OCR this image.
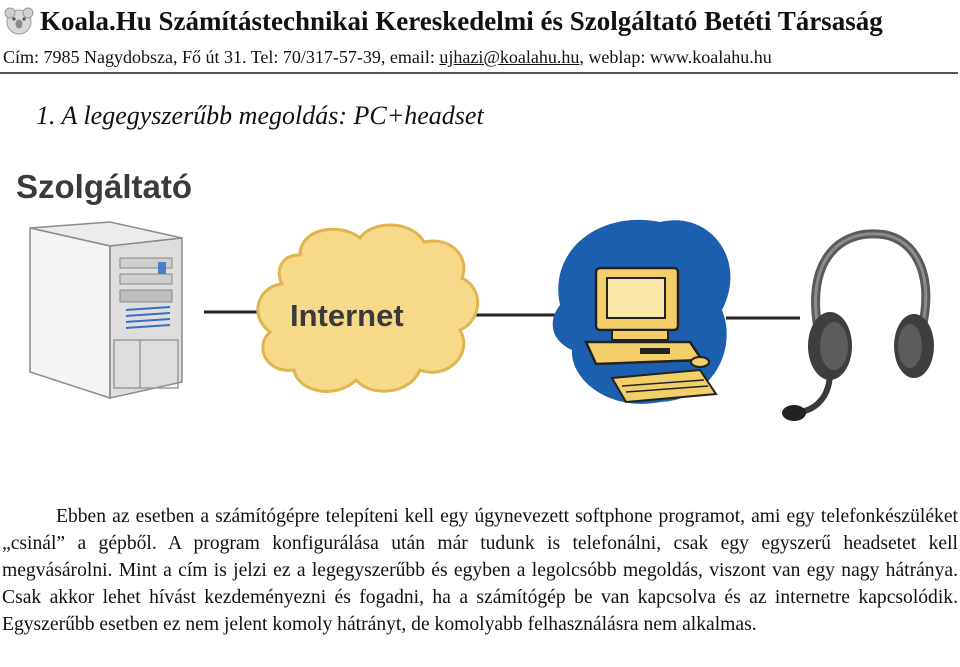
Koala.Hu Számítástechnikai Kereskedelmi és Szolgáltató Betéti Társaság
Cím: 7985 Nagydobsza, Fő út 31. Tel: 70/317-57-39, email: ujhazi@koalahu.hu, weblap: www.koalahu.hu
1. A legegyszerűbb megoldás: PC+headset
Szolgáltató
Internet
Ebben az esetben a számítógépre telepíteni kell egy úgynevezett softphone programot, ami egy telefonkészüléket „csinál” a gépből. A program konfigurálása után már tudunk is telefonálni, csak egy egyszerű headsetet kell megvásárolni. Mint a cím is jelzi ez a legegyszerűbb és egyben a legolcsóbb megoldás, viszont van egy nagy hátránya. Csak akkor lehet hívást kezdeményezni és fogadni, ha a számítógép be van kapcsolva és az internetre kapcsolódik. Egyszerűbb esetben ez nem jelent komoly hátrányt, de komolyabb felhasználásra nem alkalmas.
